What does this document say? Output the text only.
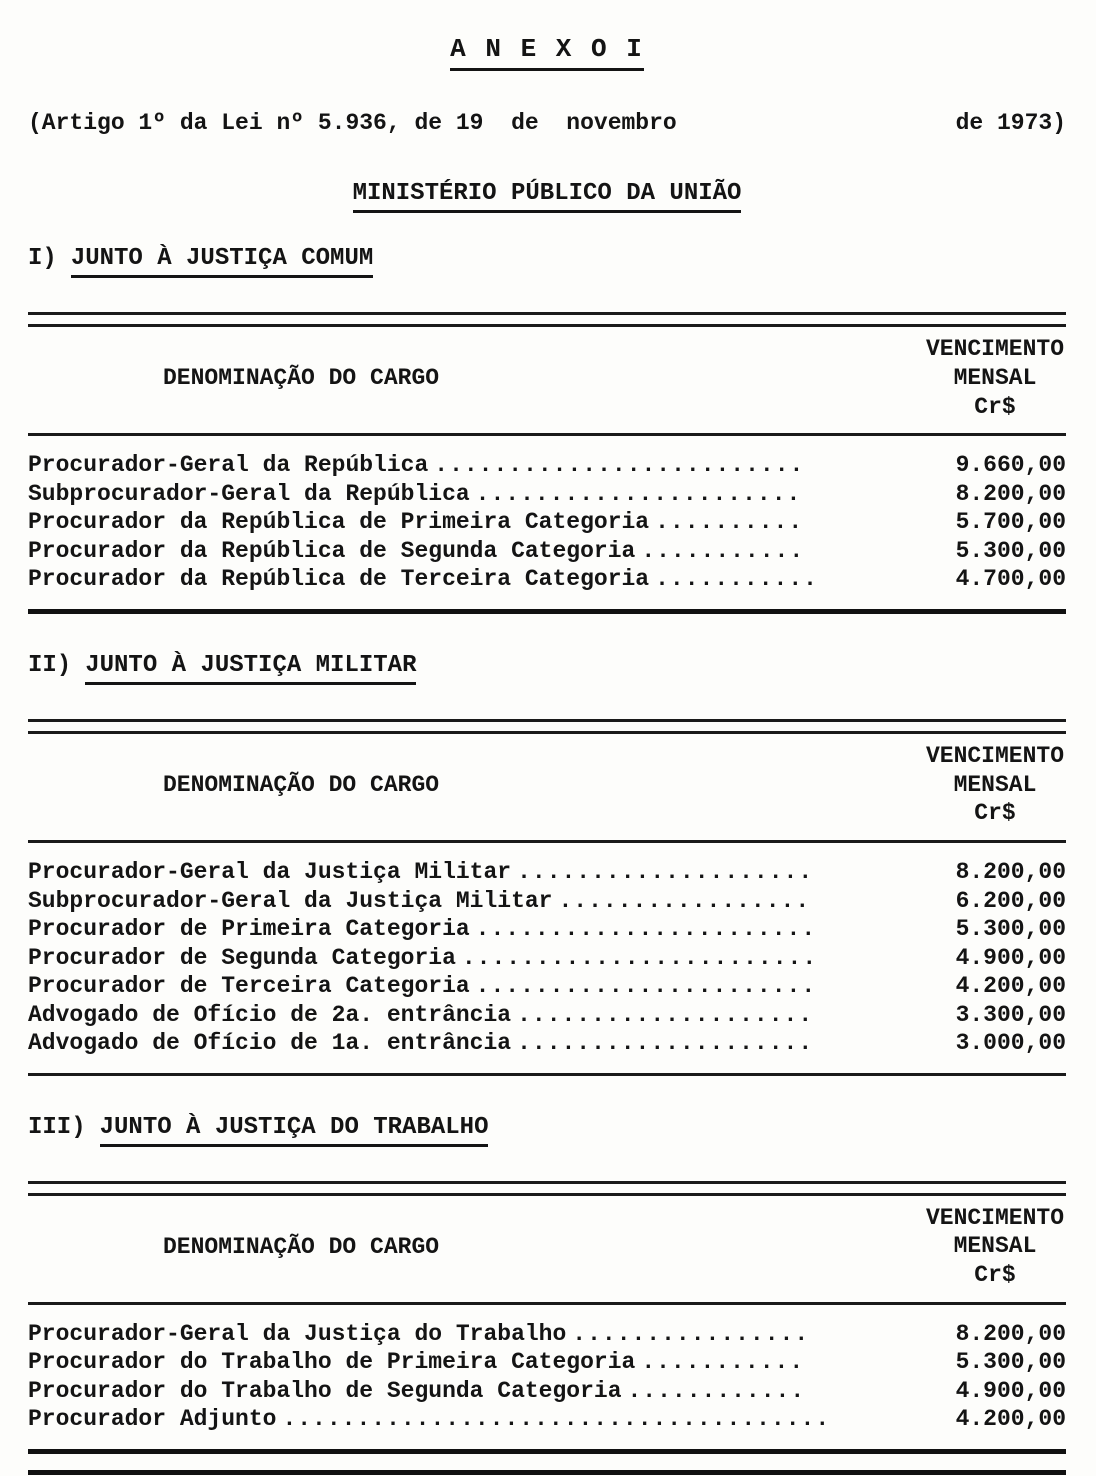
A N E X O I
(Artigo 1º da Lei nº 5.936, de 19  de  novembro	de 1973)
MINISTÉRIO PÚBLICO DA UNIÃO
I) JUNTO À JUSTIÇA COMUM
DENOMINAÇÃO DO CARGO
VENCIMENTO
MENSAL
Cr$
Procurador-Geral da República .........................	9.660,00
Subprocurador-Geral da República ......................	8.200,00
Procurador da República de Primeira Categoria ..........	5.700,00
Procurador da República de Segunda Categoria ...........	5.300,00
Procurador da República de Terceira Categoria ...........	4.700,00
II) JUNTO À JUSTIÇA MILITAR
DENOMINAÇÃO DO CARGO
VENCIMENTO
MENSAL
Cr$
Procurador-Geral da Justiça Militar ....................	8.200,00
Subprocurador-Geral da Justiça Militar .................	6.200,00
Procurador de Primeira Categoria .......................	5.300,00
Procurador de Segunda Categoria ........................	4.900,00
Procurador de Terceira Categoria .......................	4.200,00
Advogado de Ofício de 2a. entrância ....................	3.300,00
Advogado de Ofício de 1a. entrância ....................	3.000,00
III) JUNTO À JUSTIÇA DO TRABALHO
DENOMINAÇÃO DO CARGO
VENCIMENTO
MENSAL
Cr$
Procurador-Geral da Justiça do Trabalho ................	8.200,00
Procurador do Trabalho de Primeira Categoria ...........	5.300,00
Procurador do Trabalho de Segunda Categoria ............	4.900,00
Procurador Adjunto .....................................	4.200,00
